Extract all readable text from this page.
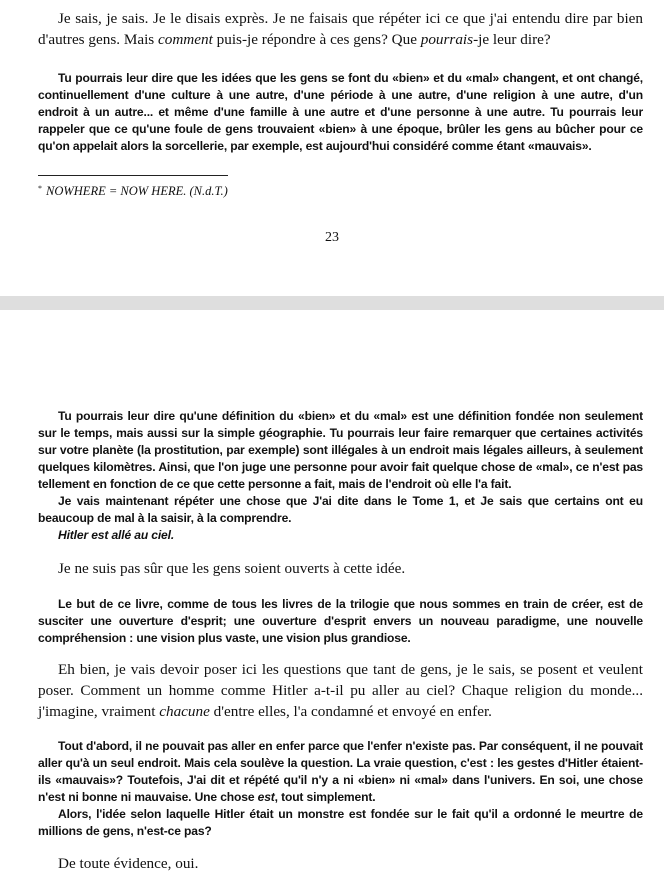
Je sais, je sais. Je le disais exprès. Je ne faisais que répéter ici ce que j'ai entendu dire par bien d'autres gens. Mais comment puis-je répondre à ces gens? Que pourrais-je leur dire?

Tu pourrais leur dire que les idées que les gens se font du «bien» et du «mal» changent, et ont changé, continuellement d'une culture à une autre, d'une période à une autre, d'une religion à une autre, d'un endroit à un autre... et même d'une famille à une autre et d'une personne à une autre. Tu pourrais leur rappeler que ce qu'une foule de gens trouvaient «bien» à une époque, brûler les gens au bûcher pour ce qu'on appelait alors la sorcellerie, par exemple, est aujourd'hui considéré comme étant «mauvais».

* NOWHERE = NOW HERE. (N.d.T.)
23

Tu pourrais leur dire qu'une définition du «bien» et du «mal» est une définition fondée non seulement sur le temps, mais aussi sur la simple géographie. Tu pourrais leur faire remarquer que certaines activités sur votre planète (la prostitution, par exemple) sont illégales à un endroit mais légales ailleurs, à seulement quelques kilomètres. Ainsi, que l'on juge une personne pour avoir fait quelque chose de «mal», ce n'est pas tellement en fonction de ce que cette personne a fait, mais de l'endroit où elle l'a fait.

Je vais maintenant répéter une chose que J'ai dite dans le Tome 1, et Je sais que certains ont eu beaucoup de mal à la saisir, à la comprendre.

Hitler est allé au ciel.

Je ne suis pas sûr que les gens soient ouverts à cette idée.

Le but de ce livre, comme de tous les livres de la trilogie que nous sommes en train de créer, est de susciter une ouverture d'esprit; une ouverture d'esprit envers un nouveau paradigme, une nouvelle compréhension : une vision plus vaste, une vision plus grandiose.

Eh bien, je vais devoir poser ici les questions que tant de gens, je le sais, se posent et veulent poser. Comment un homme comme Hitler a-t-il pu aller au ciel? Chaque religion du monde... j'imagine, vraiment chacune d'entre elles, l'a condamné et envoyé en enfer.

Tout d'abord, il ne pouvait pas aller en enfer parce que l'enfer n'existe pas. Par conséquent, il ne pouvait aller qu'à un seul endroit. Mais cela soulève la question. La vraie question, c'est : les gestes d'Hitler étaient-ils «mauvais»? Toutefois, J'ai dit et répété qu'il n'y a ni «bien» ni «mal» dans l'univers. En soi, une chose n'est ni bonne ni mauvaise. Une chose est, tout simplement.

Alors, l'idée selon laquelle Hitler était un monstre est fondée sur le fait qu'il a ordonné le meurtre de millions de gens, n'est-ce pas?

De toute évidence, oui.
